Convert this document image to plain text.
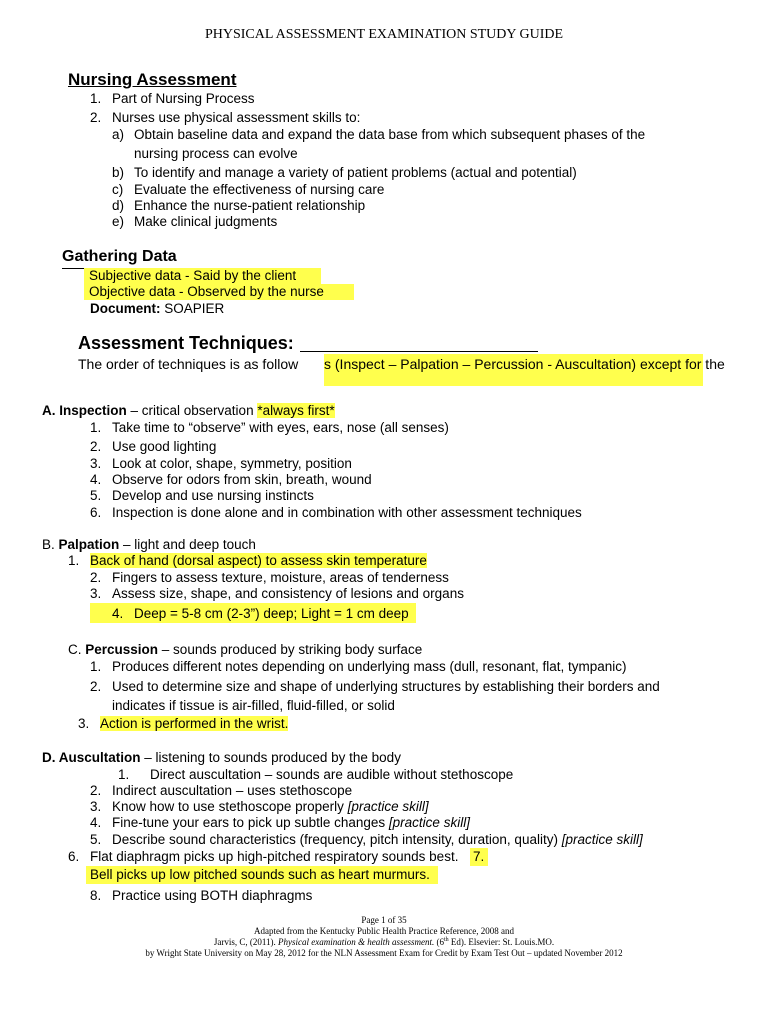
PHYSICAL ASSESSMENT EXAMINATION STUDY GUIDE
Nursing Assessment
1. Part of Nursing Process
2. Nurses use physical assessment skills to:
a) Obtain baseline data and expand the data base from which subsequent phases of the
nursing process can evolve
b) To identify and manage a variety of patient problems (actual and potential)
c) Evaluate the effectiveness of nursing care
d) Enhance the nurse-patient relationship
e) Make clinical judgments
Gathering Data
Subjective data - Said by the client
Objective data - Observed by the nurse
Document: SOAPIER
Assessment Techniques:
The order of techniques is as follow s (Inspect – Palpation – Percussion - Auscultation) except for the
A. Inspection – critical observation *always first*
1. Take time to “observe” with eyes, ears, nose (all senses)
2. Use good lighting
3. Look at color, shape, symmetry, position
4. Observe for odors from skin, breath, wound
5. Develop and use nursing instincts
6. Inspection is done alone and in combination with other assessment techniques
B. Palpation – light and deep touch
1. Back of hand (dorsal aspect) to assess skin temperature
2. Fingers to assess texture, moisture, areas of tenderness
3. Assess size, shape, and consistency of lesions and organs
4. Deep = 5-8 cm (2-3”) deep; Light = 1 cm deep
C. Percussion – sounds produced by striking body surface
1. Produces different notes depending on underlying mass (dull, resonant, flat, tympanic)
2. Used to determine size and shape of underlying structures by establishing their borders and
indicates if tissue is air-filled, fluid-filled, or solid
3. Action is performed in the wrist.
D. Auscultation – listening to sounds produced by the body
1. Direct auscultation – sounds are audible without stethoscope
2. Indirect auscultation – uses stethoscope
3. Know how to use stethoscope properly [practice skill]
4. Fine-tune your ears to pick up subtle changes [practice skill]
5. Describe sound characteristics (frequency, pitch intensity, duration, quality) [practice skill]
6. Flat diaphragm picks up high-pitched respiratory sounds best. 7.
Bell picks up low pitched sounds such as heart murmurs.
8. Practice using BOTH diaphragms
Page 1 of 35
Adapted from the Kentucky Public Health Practice Reference, 2008 and
Jarvis, C, (2011). Physical examination & health assessment. (6th Ed). Elsevier: St. Louis.MO.
by Wright State University on May 28, 2012 for the NLN Assessment Exam for Credit by Exam Test Out – updated November 2012
